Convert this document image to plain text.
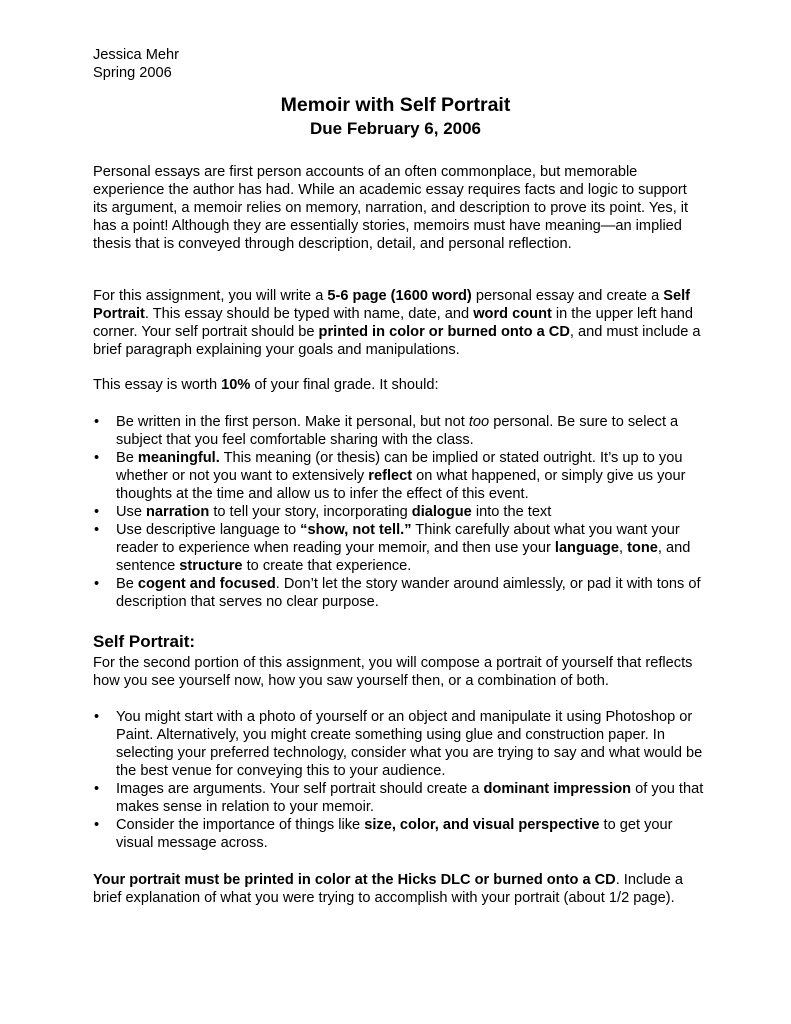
Jessica Mehr
Spring 2006
Memoir with Self Portrait
Due February 6, 2006

Personal essays are first person accounts of an often commonplace, but memorable experience the author has had. While an academic essay requires facts and logic to support its argument, a memoir relies on memory, narration, and description to prove its point. Yes, it has a point! Although they are essentially stories, memoirs must have meaning—an implied thesis that is conveyed through description, detail, and personal reflection.

For this assignment, you will write a 5-6 page (1600 word) personal essay and create a Self Portrait. This essay should be typed with name, date, and word count in the upper left hand corner. Your self portrait should be printed in color or burned onto a CD, and must include a brief paragraph explaining your goals and manipulations.

This essay is worth 10% of your final grade. It should:

• Be written in the first person. Make it personal, but not too personal. Be sure to select a subject that you feel comfortable sharing with the class.
• Be meaningful. This meaning (or thesis) can be implied or stated outright. It’s up to you whether or not you want to extensively reflect on what happened, or simply give us your thoughts at the time and allow us to infer the effect of this event.
• Use narration to tell your story, incorporating dialogue into the text
• Use descriptive language to “show, not tell.” Think carefully about what you want your reader to experience when reading your memoir, and then use your language, tone, and sentence structure to create that experience.
• Be cogent and focused. Don’t let the story wander around aimlessly, or pad it with tons of description that serves no clear purpose.
Self Portrait:

For the second portion of this assignment, you will compose a portrait of yourself that reflects how you see yourself now, how you saw yourself then, or a combination of both.

• You might start with a photo of yourself or an object and manipulate it using Photoshop or Paint. Alternatively, you might create something using glue and construction paper. In selecting your preferred technology, consider what you are trying to say and what would be the best venue for conveying this to your audience.
• Images are arguments. Your self portrait should create a dominant impression of you that makes sense in relation to your memoir.
• Consider the importance of things like size, color, and visual perspective to get your visual message across.

Your portrait must be printed in color at the Hicks DLC or burned onto a CD. Include a brief explanation of what you were trying to accomplish with your portrait (about 1/2 page).
